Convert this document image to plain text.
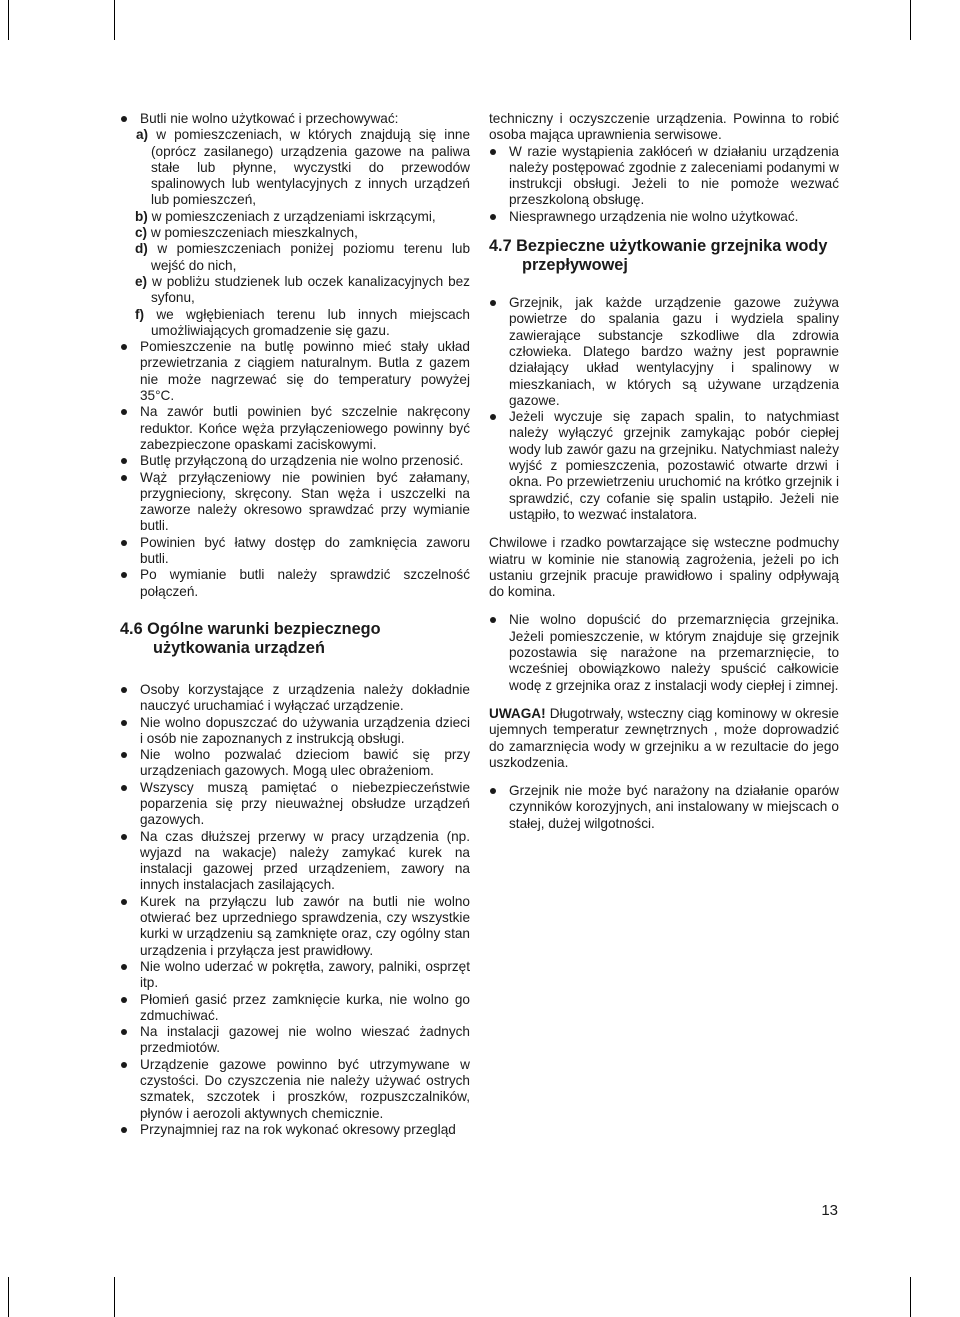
Butli nie wolno użytkować i przechowywać:

a) w pomieszczeniach, w których znajdują się inne (oprócz zasilanego) urządzenia gazowe na paliwa stałe lub płynne, wyczystki do przewodów spalinowych lub wentylacyjnych z innych urządzeń lub pomieszczeń,

b) w pomieszczeniach z urządzeniami iskrzącymi,

c) w pomieszczeniach mieszkalnych,

d) w pomieszczeniach poniżej poziomu terenu lub wejść do nich,

e) w pobliżu studzienek lub oczek kanalizacyjnych bez syfonu,

f) we wgłębieniach terenu lub innych miejscach umożliwiających gromadzenie się gazu.

Pomieszczenie na butlę powinno mieć stały układ przewietrzania z ciągiem naturalnym. Butla z gazem nie może nagrzewać się do temperatury powyżej 35°C.

Na zawór butli powinien być szczelnie nakręcony reduktor. Końce węża przyłączeniowego powinny być zabezpieczone opaskami zaciskowymi.

Butlę przyłączoną do urządzenia nie wolno przenosić.

Wąż przyłączeniowy nie powinien być załamany, przygnieciony, skręcony. Stan węża i uszczelki na zaworze należy okresowo sprawdzać przy wymianie butli.

Powinien być łatwy dostęp do zamknięcia zaworu butli.

Po wymianie butli należy sprawdzić szczelność połączeń.

4.6 Ogólne warunki bezpiecznego użytkowania urządzeń

Osoby korzystające z urządzenia należy dokładnie nauczyć uruchamiać i wyłączać urządzenie.

Nie wolno dopuszczać do używania urządzenia dzieci i osób nie zapoznanych z instrukcją obsługi.

Nie wolno pozwalać dzieciom bawić się przy urządzeniach gazowych. Mogą ulec obrażeniom.

Wszyscy muszą pamiętać o niebezpieczeństwie poparzenia się przy nieuważnej obsłudze urządzeń gazowych.

Na czas dłuższej przerwy w pracy urządzenia (np. wyjazd na wakacje) należy zamykać kurek na instalacji gazowej przed urządzeniem, zawory na innych instalacjach zasilających.

Kurek na przyłączu lub zawór na butli nie wolno otwierać bez uprzedniego sprawdzenia, czy wszystkie kurki w urządzeniu są zamknięte oraz, czy ogólny stan urządzenia i przyłącza jest prawidłowy.

Nie wolno uderzać w pokrętła, zawory, palniki, osprzęt itp.

Płomień gasić przez zamknięcie kurka, nie wolno go zdmuchiwać.

Na instalacji gazowej nie wolno wieszać żadnych przedmiotów.

Urządzenie gazowe powinno być utrzymywane w czystości. Do czyszczenia nie należy używać ostrych szmatek, szczotek i proszków, rozpuszczalników, płynów i aerozoli aktywnych chemicznie.

Przynajmniej raz na rok wykonać okresowy przegląd

techniczny i oczyszczenie urządzenia. Powinna to robić osoba mająca uprawnienia serwisowe.

W razie wystąpienia zakłóceń w działaniu urządzenia należy postępować zgodnie z zaleceniami podanymi w instrukcji obsługi. Jeżeli to nie pomoże wezwać przeszkoloną obsługę.

Niesprawnego urządzenia nie wolno użytkować.

4.7 Bezpieczne użytkowanie grzejnika wody przepływowej

Grzejnik, jak każde urządzenie gazowe zużywa powietrze do spalania gazu i wydziela spaliny zawierające substancje szkodliwe dla zdrowia człowieka. Dlatego bardzo ważny jest poprawnie działający układ wentylacyjny i spalinowy w mieszkaniach, w których są używane urządzenia gazowe.

Jeżeli wyczuje się zapach spalin, to natychmiast należy wyłączyć grzejnik zamykając pobór ciepłej wody lub zawór gazu na grzejniku. Natychmiast należy wyjść z pomieszczenia, pozostawić otwarte drzwi i okna. Po przewietrzeniu uruchomić na krótko grzejnik i sprawdzić, czy cofanie się spalin ustąpiło. Jeżeli nie ustąpiło, to wezwać instalatora.

Chwilowe i rzadko powtarzające się wsteczne podmuchy wiatru w kominie nie stanowią zagrożenia, jeżeli po ich ustaniu grzejnik pracuje prawidłowo i spaliny odpływają do komina.

Nie wolno dopuścić do przemarznięcia grzejnika. Jeżeli pomieszczenie, w którym znajduje się grzejnik pozostawia się narażone na przemarznięcie, to wcześniej obowiązkowo należy spuścić całkowicie wodę z grzejnika oraz z instalacji wody ciepłej i zimnej.

UWAGA! Długotrwały, wsteczny ciąg kominowy w okresie ujemnych temperatur zewnętrznych , może doprowadzić do zamarznięcia wody w grzejniku a w rezultacie do jego uszkodzenia.

Grzejnik nie może być narażony na działanie oparów czynników korozyjnych, ani instalowany w miejscach o stałej, dużej wilgotności.

13
